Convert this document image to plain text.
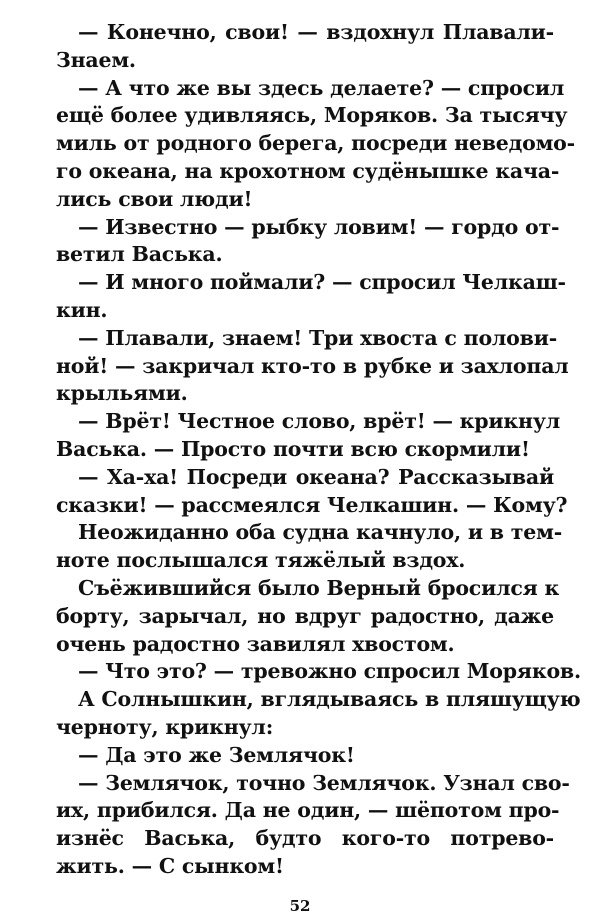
— Конечно, свои! — вздохнул Плавали-
Знаем.
— А что же вы здесь делаете? — спросил
ещё более удивляясь, Моряков. За тысячу
миль от родного берега, посреди неведомо-
го океана, на крохотном судёнышке кача-
лись свои люди!
— Известно — рыбку ловим! — гордо от-
ветил Васька.
— И много поймали? — спросил Челкаш-
кин.
— Плавали, знаем! Три хвоста с полови-
ной! — закричал кто-то в рубке и захлопал
крыльями.
— Врёт! Честное слово, врёт! — крикнул
Васька. — Просто почти всю скормили!
— Ха-ха! Посреди океана? Рассказывай
сказки! — рассмеялся Челкашин. — Кому?
Неожиданно оба судна качнуло, и в тем-
ноте послышался тяжёлый вздох.
Съёжившийся было Верный бросился к
борту, зарычал, но вдруг радостно, даже
очень радостно завилял хвостом.
— Что это? — тревожно спросил Моряков.
А Солнышкин, вглядываясь в пляшущую
черноту, крикнул:
— Да это же Землячок!
— Землячок, точно Землячок. Узнал сво-
их, прибился. Да не один, — шёпотом про-
изнёс Васька, будто кого-то потрево-
жить. — С сынком!
52
